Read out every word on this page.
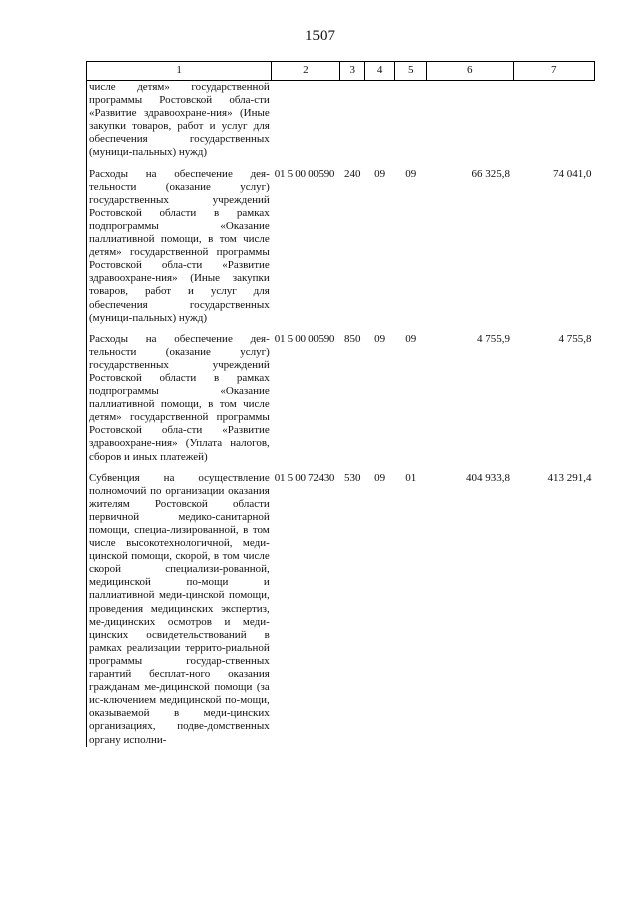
1507
1	2	3	4	5	6	7
числе детям» государственной программы Ростовской обла-сти «Развитие здравоохране-ния» (Иные закупки товаров, работ и услуг для обеспечения государственных (муници-пальных) нужд)						
Расходы на обеспечение дея-тельности (оказание услуг) государственных учреждений Ростовской области в рамках подпрограммы «Оказание паллиативной помощи, в том числе детям» государственной программы Ростовской обла-сти «Развитие здравоохране-ния» (Иные закупки товаров, работ и услуг для обеспечения государственных (муници-пальных) нужд)	01 5 00 00590	240	09	09	66 325,8	74 041,0
Расходы на обеспечение дея-тельности (оказание услуг) государственных учреждений Ростовской области в рамках подпрограммы «Оказание паллиативной помощи, в том числе детям» государственной программы Ростовской обла-сти «Развитие здравоохране-ния» (Уплата налогов, сборов и иных платежей)	01 5 00 00590	850	09	09	4 755,9	4 755,8
Субвенция на осуществление полномочий по организации оказания жителям Ростовской области первичной медико-санитарной помощи, специа-лизированной, в том числе высокотехнологичной, меди-цинской помощи, скорой, в том числе скорой специализи-рованной, медицинской по-мощи и паллиативной меди-цинской помощи, проведения медицинских экспертиз, ме-дицинских осмотров и меди-цинских освидетельствований в рамках реализации террито-риальной программы государ-ственных гарантий бесплат-ного оказания гражданам ме-дицинской помощи (за ис-ключением медицинской по-мощи, оказываемой в меди-цинских организациях, подве-домственных органу исполни-	01 5 00 72430	530	09	01	404 933,8	413 291,4
